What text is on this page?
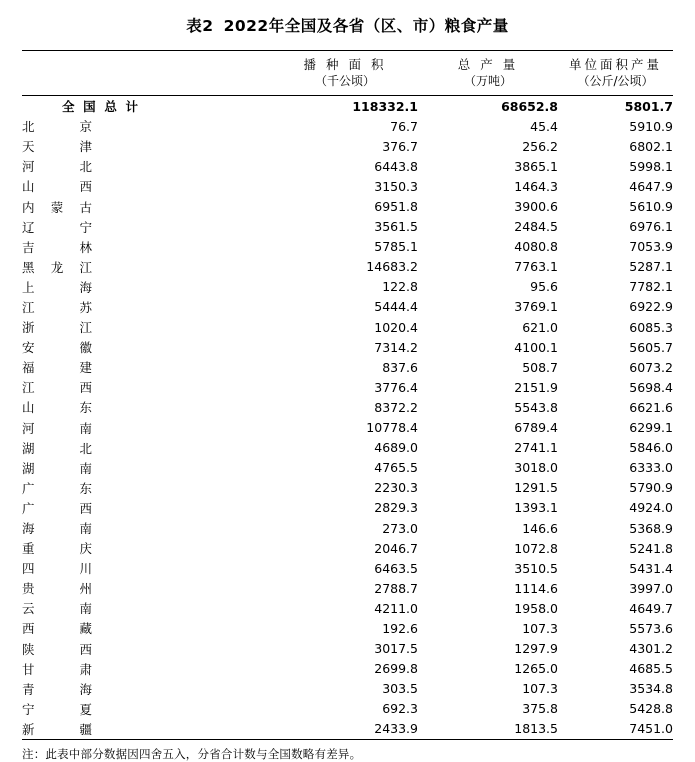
表2 2022年全国及各省（区、市）粮食产量

播 种 面 积
（千公顷）

总 产 量
（万吨）

单位面积产量
（公斤/公顷）

全国总计	118332.1	68652.8	5801.7
北京	76.7	45.4	5910.9
天津	376.7	256.2	6802.1
河北	6443.8	3865.1	5998.1
山西	3150.3	1464.3	4647.9
内蒙古	6951.8	3900.6	5610.9
辽宁	3561.5	2484.5	6976.1
吉林	5785.1	4080.8	7053.9
黑龙江	14683.2	7763.1	5287.1
上海	122.8	95.6	7782.1
江苏	5444.4	3769.1	6922.9
浙江	1020.4	621.0	6085.3
安徽	7314.2	4100.1	5605.7
福建	837.6	508.7	6073.2
江西	3776.4	2151.9	5698.4
山东	8372.2	5543.8	6621.6
河南	10778.4	6789.4	6299.1
湖北	4689.0	2741.1	5846.0
湖南	4765.5	3018.0	6333.0
广东	2230.3	1291.5	5790.9
广西	2829.3	1393.1	4924.0
海南	273.0	146.6	5368.9
重庆	2046.7	1072.8	5241.8
四川	6463.5	3510.5	5431.4
贵州	2788.7	1114.6	3997.0
云南	4211.0	1958.0	4649.7
西藏	192.6	107.3	5573.6
陕西	3017.5	1297.9	4301.2
甘肃	2699.8	1265.0	4685.5
青海	303.5	107.3	3534.8
宁夏	692.3	375.8	5428.8
新疆	2433.9	1813.5	7451.0

注：此表中部分数据因四舍五入，分省合计数与全国数略有差异。
